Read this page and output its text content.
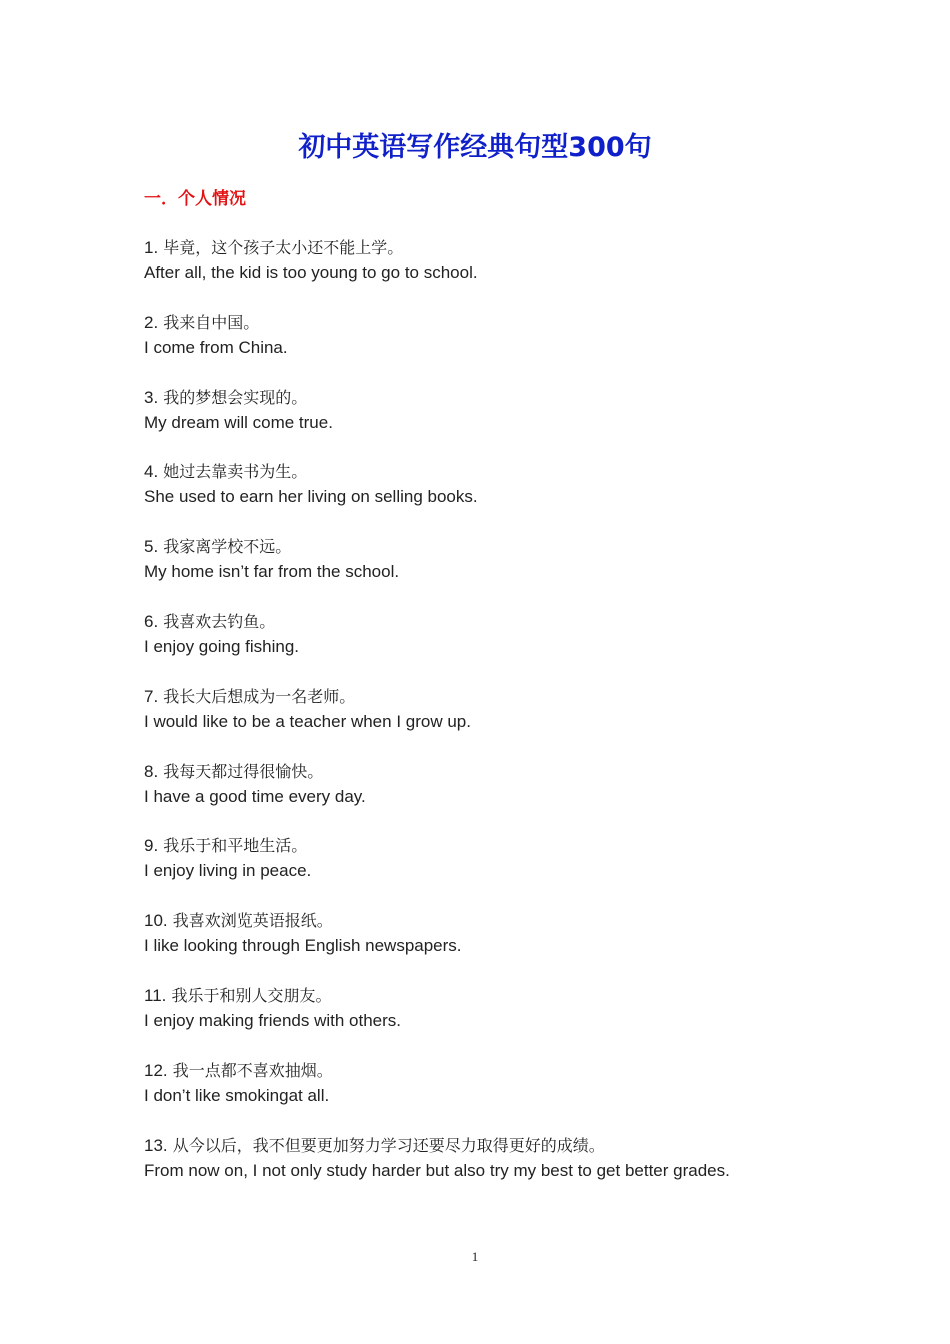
初中英语写作经典句型300句
一．个人情况
1. 毕竟，这个孩子太小还不能上学。
After all, the kid is too young to go to school.
2. 我来自中国。
I come from China.
3. 我的梦想会实现的。
My dream will come true.
4. 她过去靠卖书为生。
She used to earn her living on selling books.
5. 我家离学校不远。
My home isn’t far from the school.
6. 我喜欢去钓鱼。
I enjoy going fishing.
7. 我长大后想成为一名老师。
I would like to be a teacher when I grow up.
8. 我每天都过得很愉快。
I have a good time every day.
9. 我乐于和平地生活。
I enjoy living in peace.
10. 我喜欢浏览英语报纸。
I like looking through English newspapers.
11. 我乐于和别人交朋友。
I enjoy making friends with others.
12. 我一点都不喜欢抽烟。
I don’t like smokingat all.
13. 从今以后，我不但要更加努力学习还要尽力取得更好的成绩。
From now on, I not only study harder but also try my best to get better grades.
1
